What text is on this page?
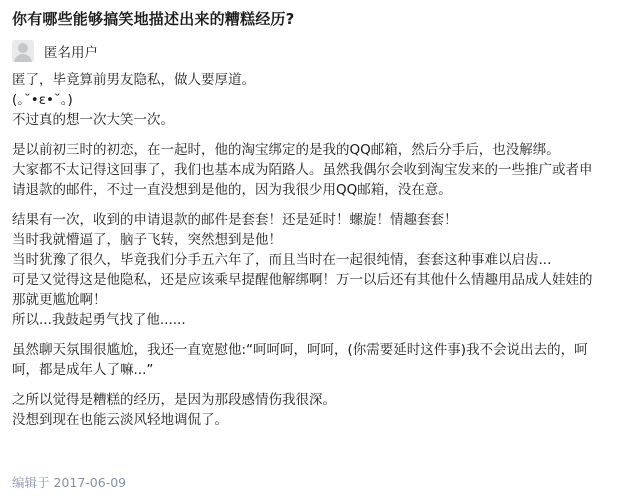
你有哪些能够搞笑地描述出来的糟糕经历?
匿名用户

匿了，毕竟算前男友隐私，做人要厚道。
(｡˘•ε•˘｡)
不过真的想一次大笑一次。

是以前初三时的初恋，在一起时，他的淘宝绑定的是我的QQ邮箱，然后分手后，也没解绑。
大家都不太记得这回事了，我们也基本成为陌路人。虽然我偶尔会收到淘宝发来的一些推广或者申
请退款的邮件，不过一直没想到是他的，因为我很少用QQ邮箱，没在意。

结果有一次，收到的申请退款的邮件是套套！还是延时！螺旋！情趣套套！
当时我就懵逼了，脑子飞转，突然想到是他！
当时犹豫了很久，毕竟我们分手五六年了，而且当时在一起很纯情，套套这种事难以启齿...
可是又觉得这是他隐私，还是应该乘早提醒他解绑啊！万一以后还有其他什么情趣用品成人娃娃的
那就更尴尬啊！
所以...我鼓起勇气找了他......

虽然聊天氛围很尴尬，我还一直宽慰他:“呵呵呵，呵呵，(你需要延时这件事)我不会说出去的，呵
呵，都是成年人了嘛...”

之所以觉得是糟糕的经历，是因为那段感情伤我很深。
没想到现在也能云淡风轻地调侃了。

编辑于 2017-06-09
